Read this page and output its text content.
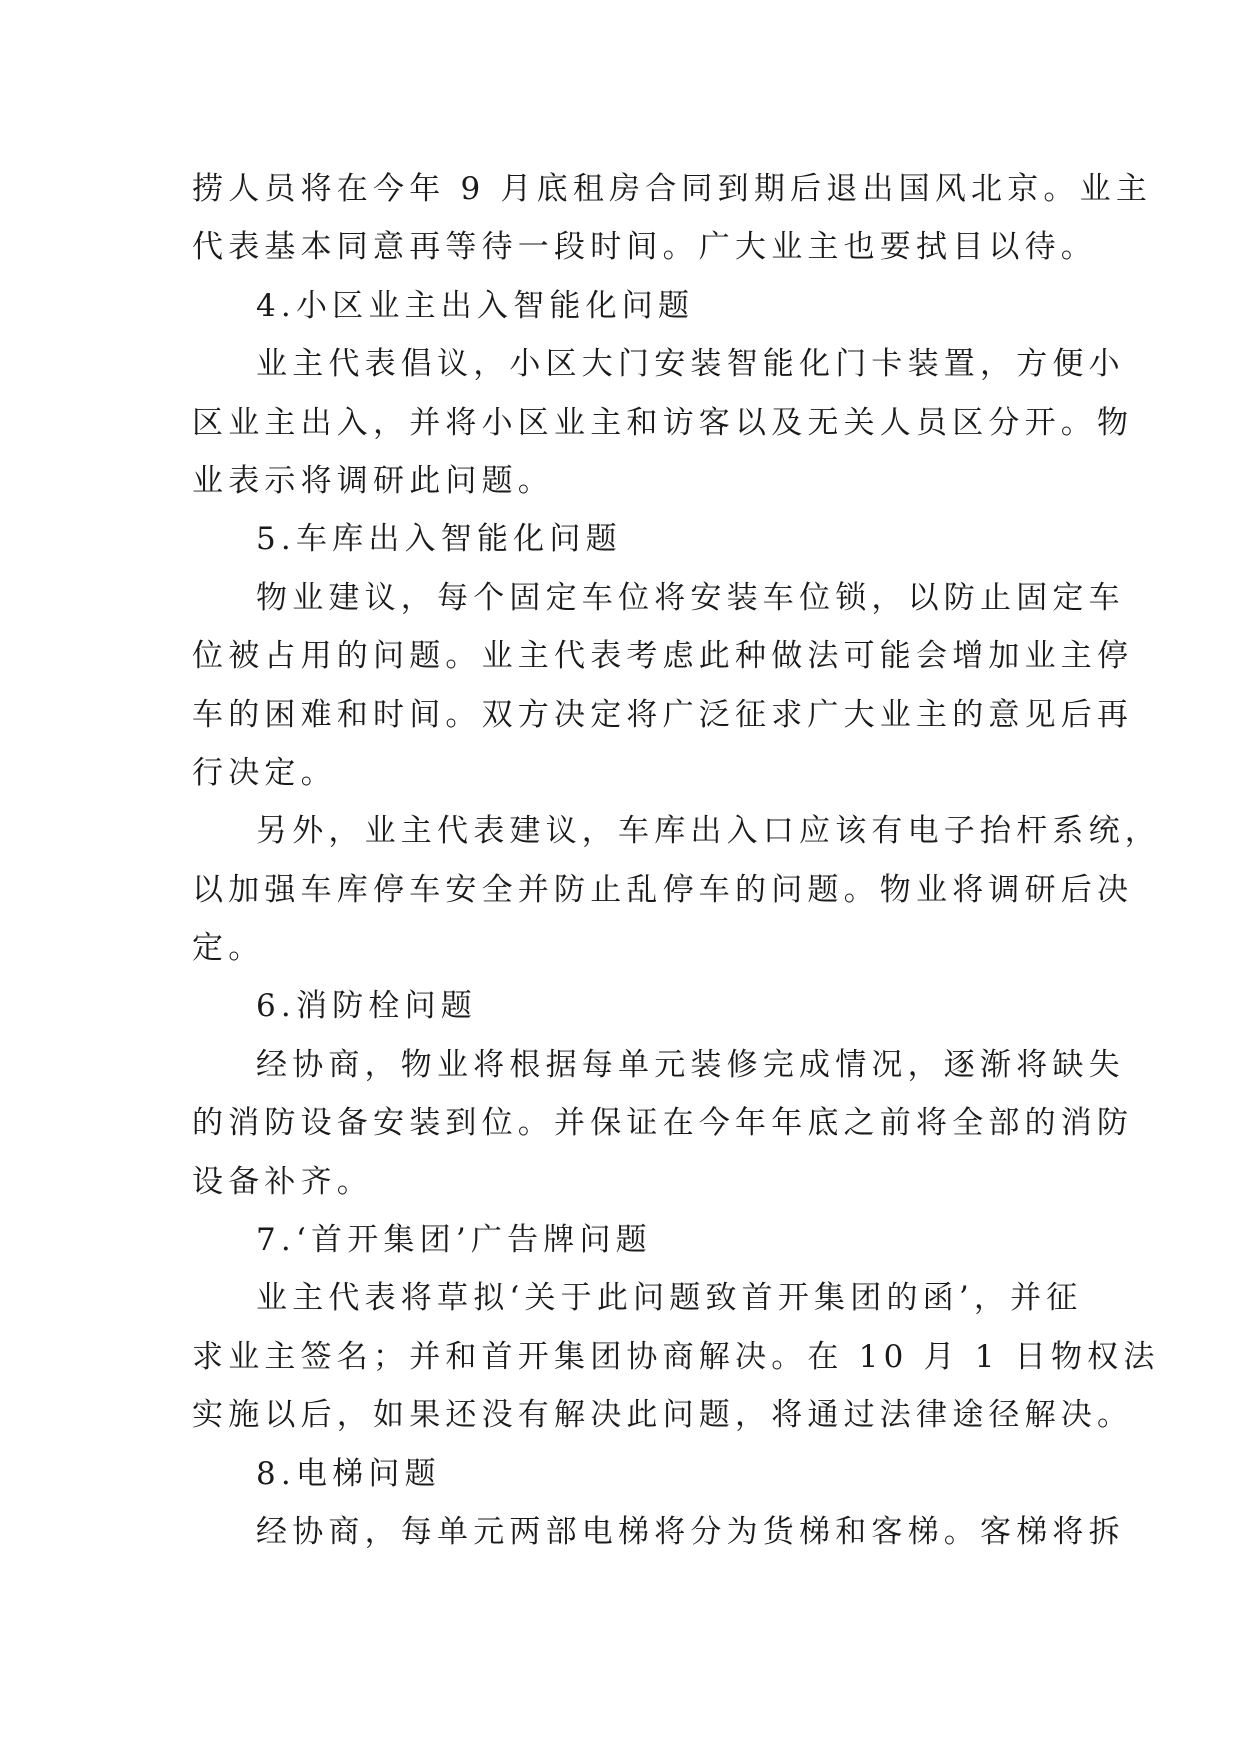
捞人员将在今年 9 月底租房合同到期后退出国风北京。业主
代表基本同意再等待一段时间。广大业主也要拭目以待。
4.小区业主出入智能化问题
业主代表倡议，小区大门安装智能化门卡装置，方便小
区业主出入，并将小区业主和访客以及无关人员区分开。物
业表示将调研此问题。
5.车库出入智能化问题
物业建议，每个固定车位将安装车位锁，以防止固定车
位被占用的问题。业主代表考虑此种做法可能会增加业主停
车的困难和时间。双方决定将广泛征求广大业主的意见后再
行决定。
另外，业主代表建议，车库出入口应该有电子抬杆系统，
以加强车库停车安全并防止乱停车的问题。物业将调研后决
定。
6.消防栓问题
经协商，物业将根据每单元装修完成情况，逐渐将缺失
的消防设备安装到位。并保证在今年年底之前将全部的消防
设备补齐。
7.‘首开集团’广告牌问题
业主代表将草拟‘关于此问题致首开集团的函’，并征
求业主签名；并和首开集团协商解决。在 10 月 1 日物权法
实施以后，如果还没有解决此问题，将通过法律途径解决。
8.电梯问题
经协商，每单元两部电梯将分为货梯和客梯。客梯将拆
